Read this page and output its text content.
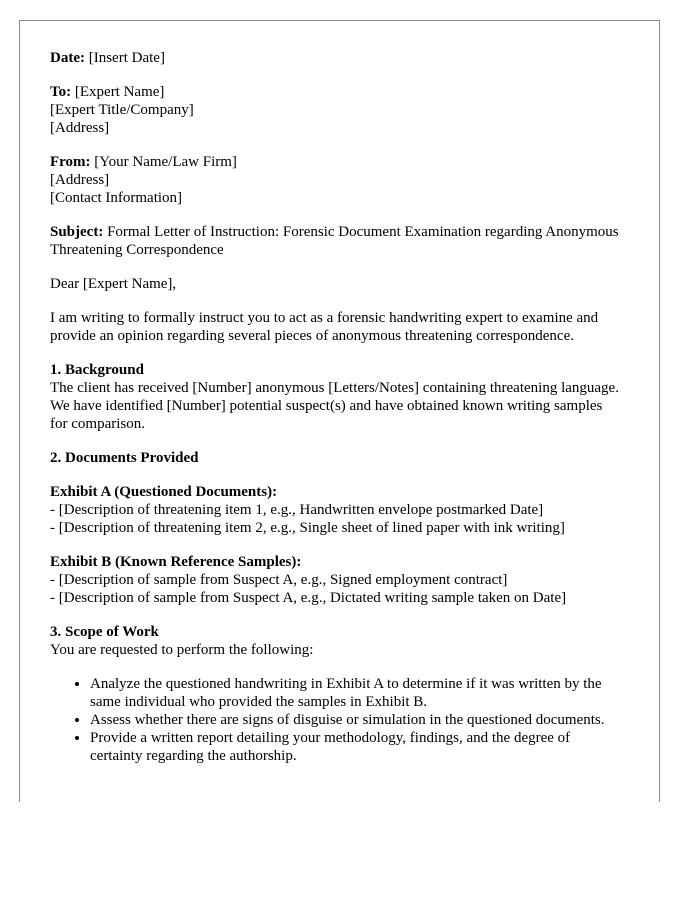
Date: [Insert Date]

To: [Expert Name]
[Expert Title/Company]
[Address]

From: [Your Name/Law Firm]
[Address]
[Contact Information]

Subject: Formal Letter of Instruction: Forensic Document Examination regarding Anonymous Threatening Correspondence

Dear [Expert Name],

I am writing to formally instruct you to act as a forensic handwriting expert to examine and provide an opinion regarding several pieces of anonymous threatening correspondence.

1. Background
The client has received [Number] anonymous [Letters/Notes] containing threatening language. We have identified [Number] potential suspect(s) and have obtained known writing samples for comparison.

2. Documents Provided

Exhibit A (Questioned Documents):
- [Description of threatening item 1, e.g., Handwritten envelope postmarked Date]
- [Description of threatening item 2, e.g., Single sheet of lined paper with ink writing]

Exhibit B (Known Reference Samples):
- [Description of sample from Suspect A, e.g., Signed employment contract]
- [Description of sample from Suspect A, e.g., Dictated writing sample taken on Date]

3. Scope of Work
You are requested to perform the following:
• Analyze the questioned handwriting in Exhibit A to determine if it was written by the same individual who provided the samples in Exhibit B.
• Assess whether there are signs of disguise or simulation in the questioned documents.
• Provide a written report detailing your methodology, findings, and the degree of certainty regarding the authorship.
